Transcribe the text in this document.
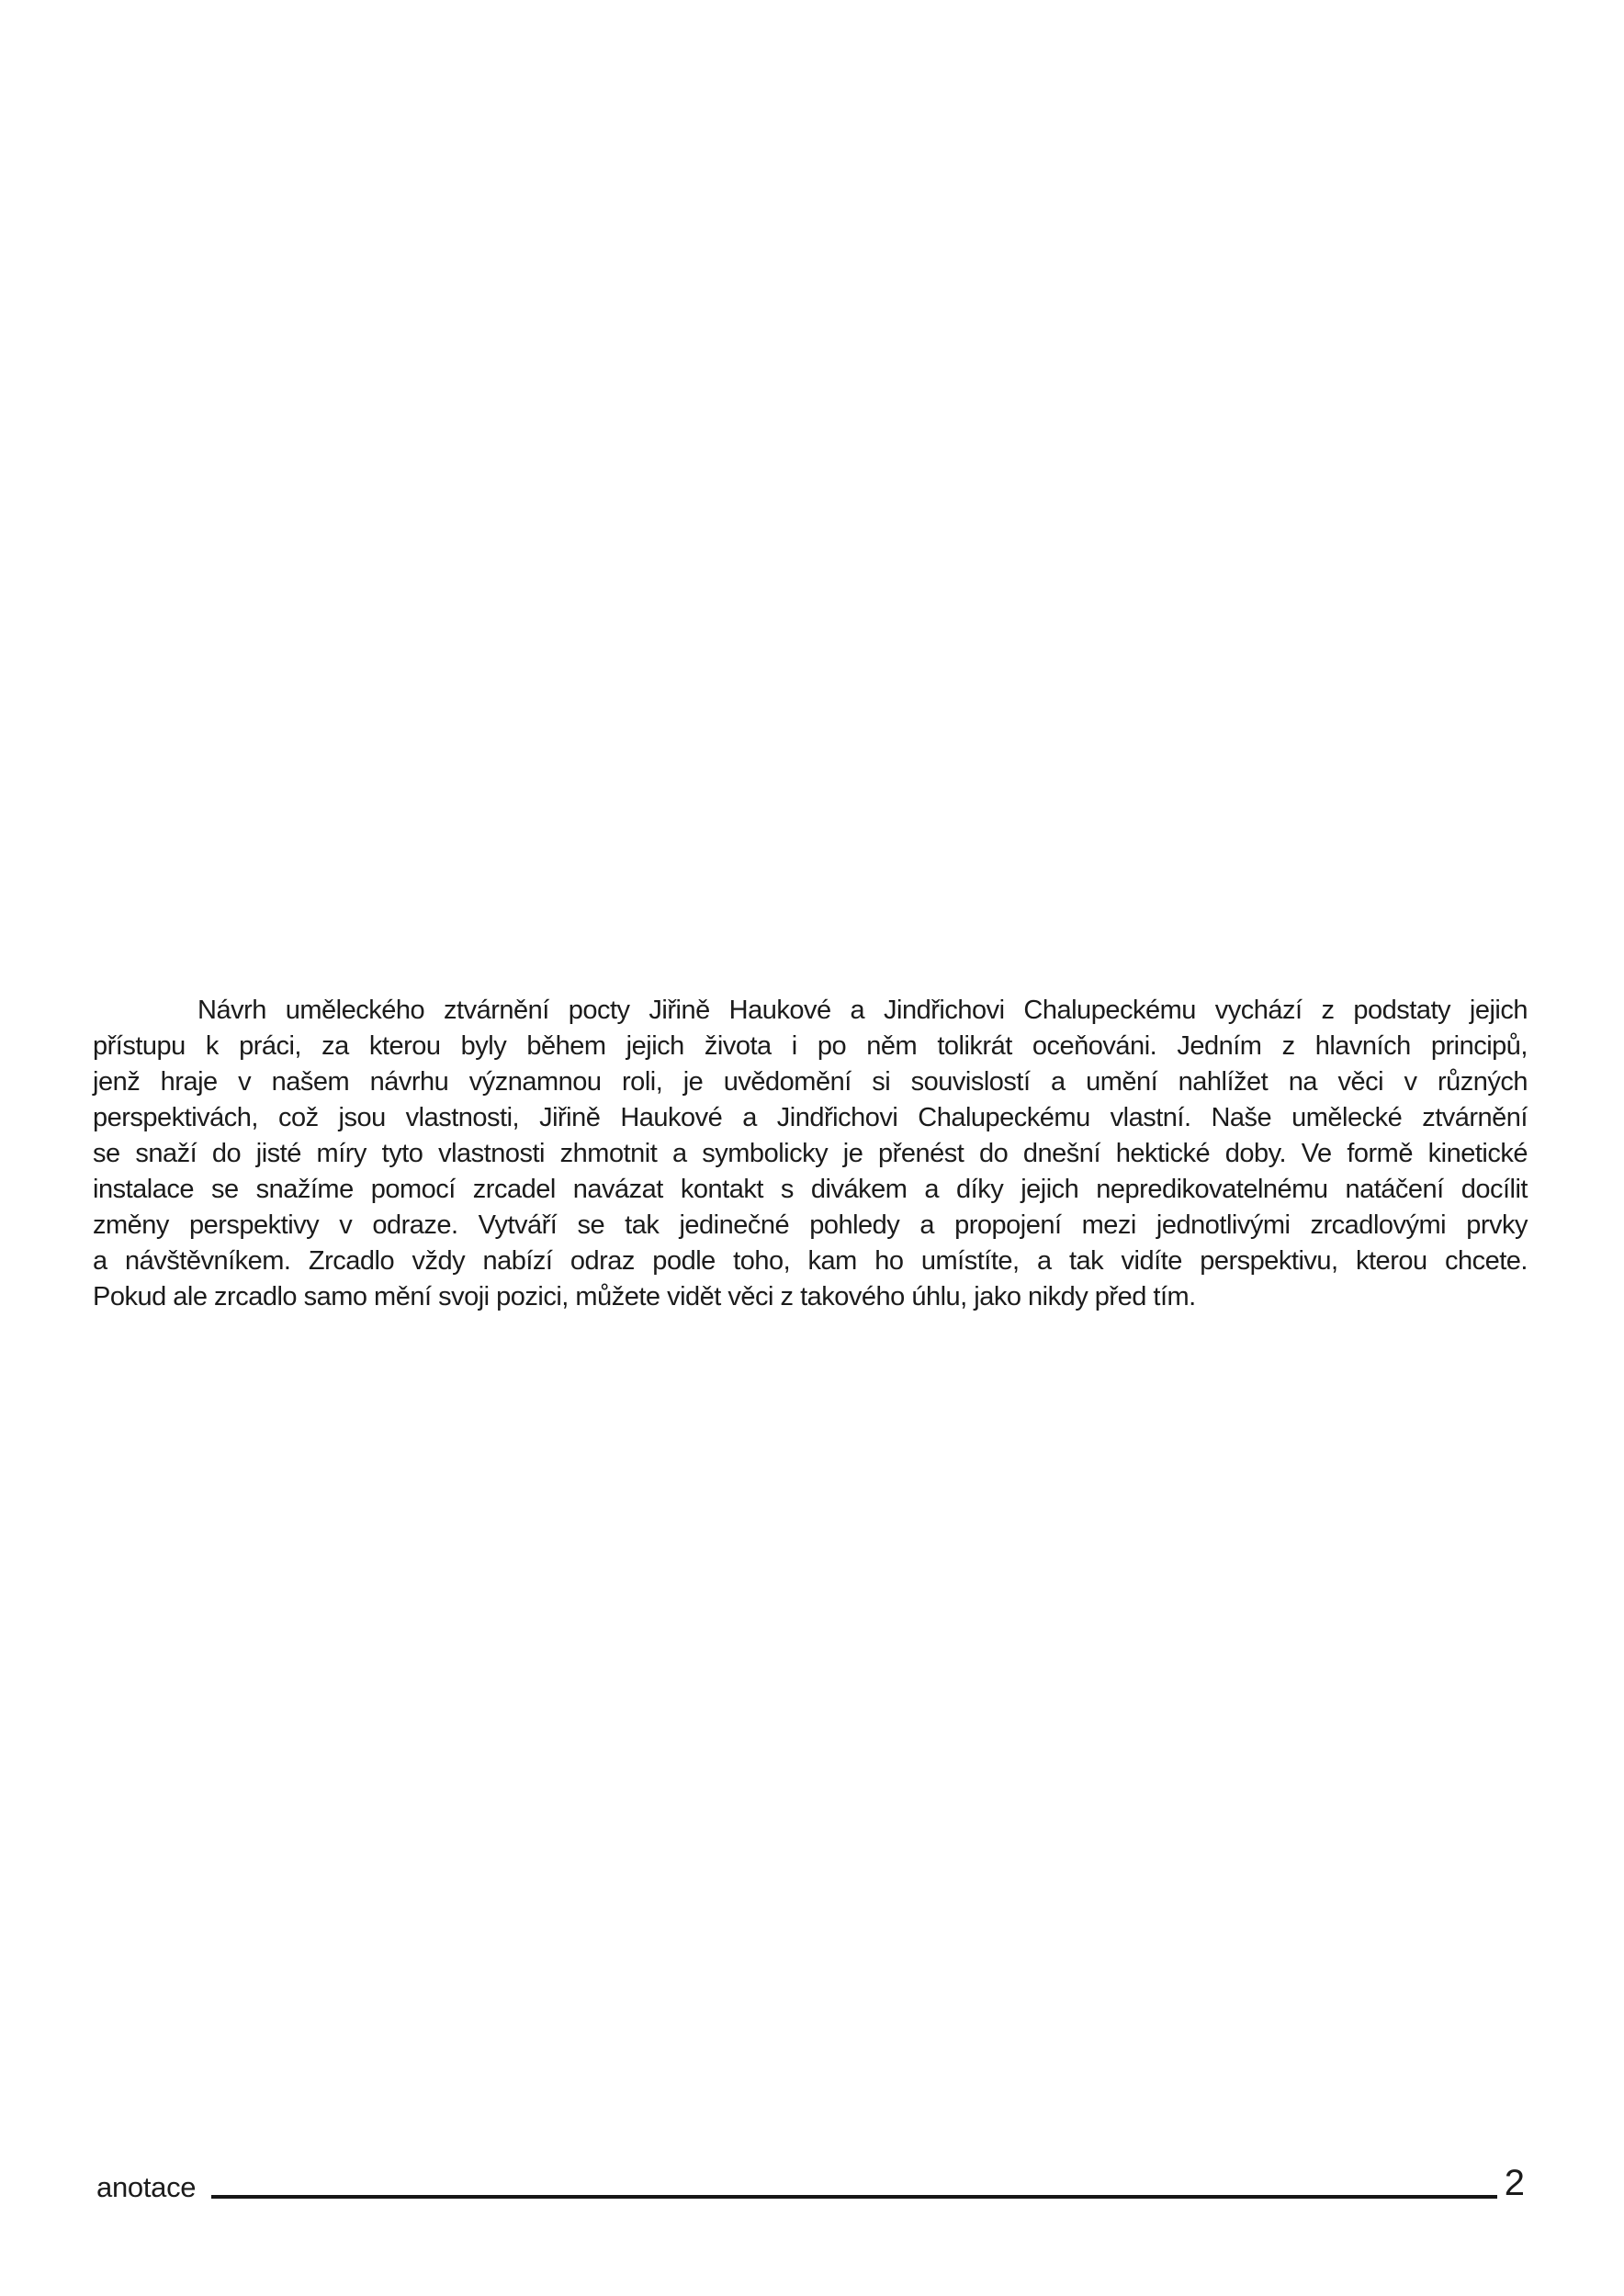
Návrh uměleckého ztvárnění pocty Jiřině Haukové a Jindřichovi Chalupeckému vychází z podstaty jejich
přístupu k práci, za kterou byly během jejich života i po něm tolikrát oceňováni. Jedním z hlavních principů,
jenž hraje v našem návrhu významnou roli, je uvědomění si souvislostí a umění nahlížet na věci v různých
perspektivách, což jsou vlastnosti, Jiřině Haukové a Jindřichovi Chalupeckému vlastní. Naše umělecké ztvárnění
se snaží do jisté míry tyto vlastnosti zhmotnit a symbolicky je přenést do dnešní hektické doby. Ve formě kinetické
instalace se snažíme pomocí zrcadel navázat kontakt s divákem a díky jejich nepredikovatelnému natáčení docílit
změny perspektivy v odraze. Vytváří se tak jedinečné pohledy a propojení mezi jednotlivými zrcadlovými prvky
a návštěvníkem. Zrcadlo vždy nabízí odraz podle toho, kam ho umístíte, a tak vidíte perspektivu, kterou chcete.
Pokud ale zrcadlo samo mění svoji pozici, můžete vidět věci z takového úhlu, jako nikdy před tím.
anotace	2
